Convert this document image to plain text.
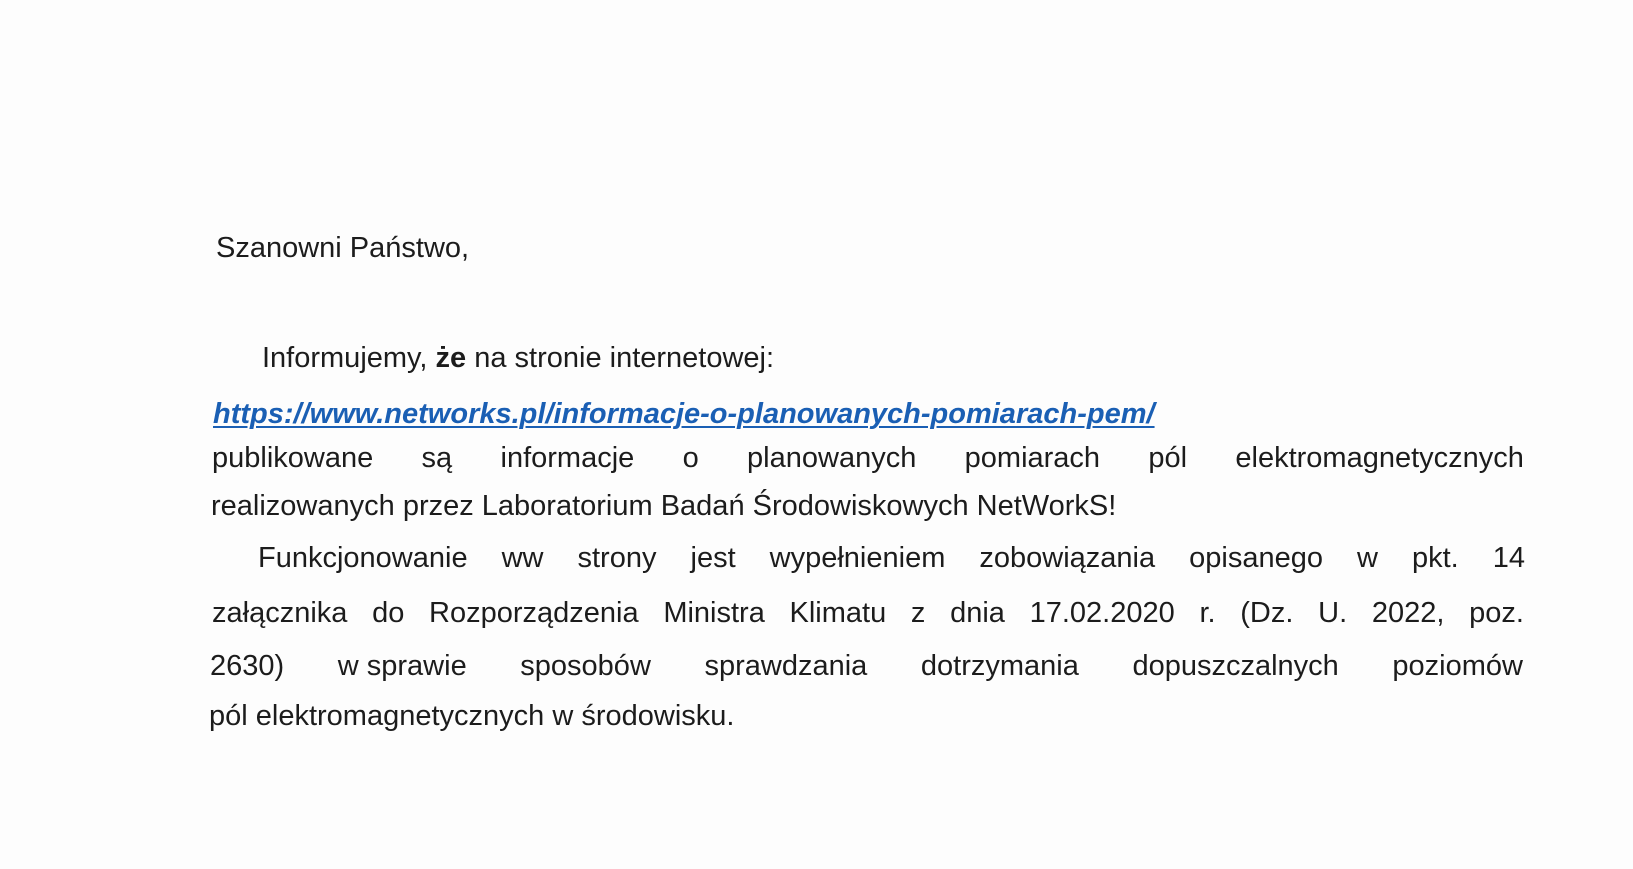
Szanowni Państwo,
Informujemy, że na stronie internetowej:
https://www.networks.pl/informacje-o-planowanych-pomiarach-pem/
publikowane są informacje o planowanych pomiarach pól elektromagnetycznych
realizowanych przez Laboratorium Badań Środowiskowych NetWorkS!
Funkcjonowanie ww strony jest wypełnieniem zobowiązania opisanego w pkt. 14
załącznika do Rozporządzenia Ministra Klimatu z dnia 17.02.2020 r. (Dz. U. 2022, poz.
2630) w sprawie sposobów sprawdzania dotrzymania dopuszczalnych poziomów
pól elektromagnetycznych w środowisku.
